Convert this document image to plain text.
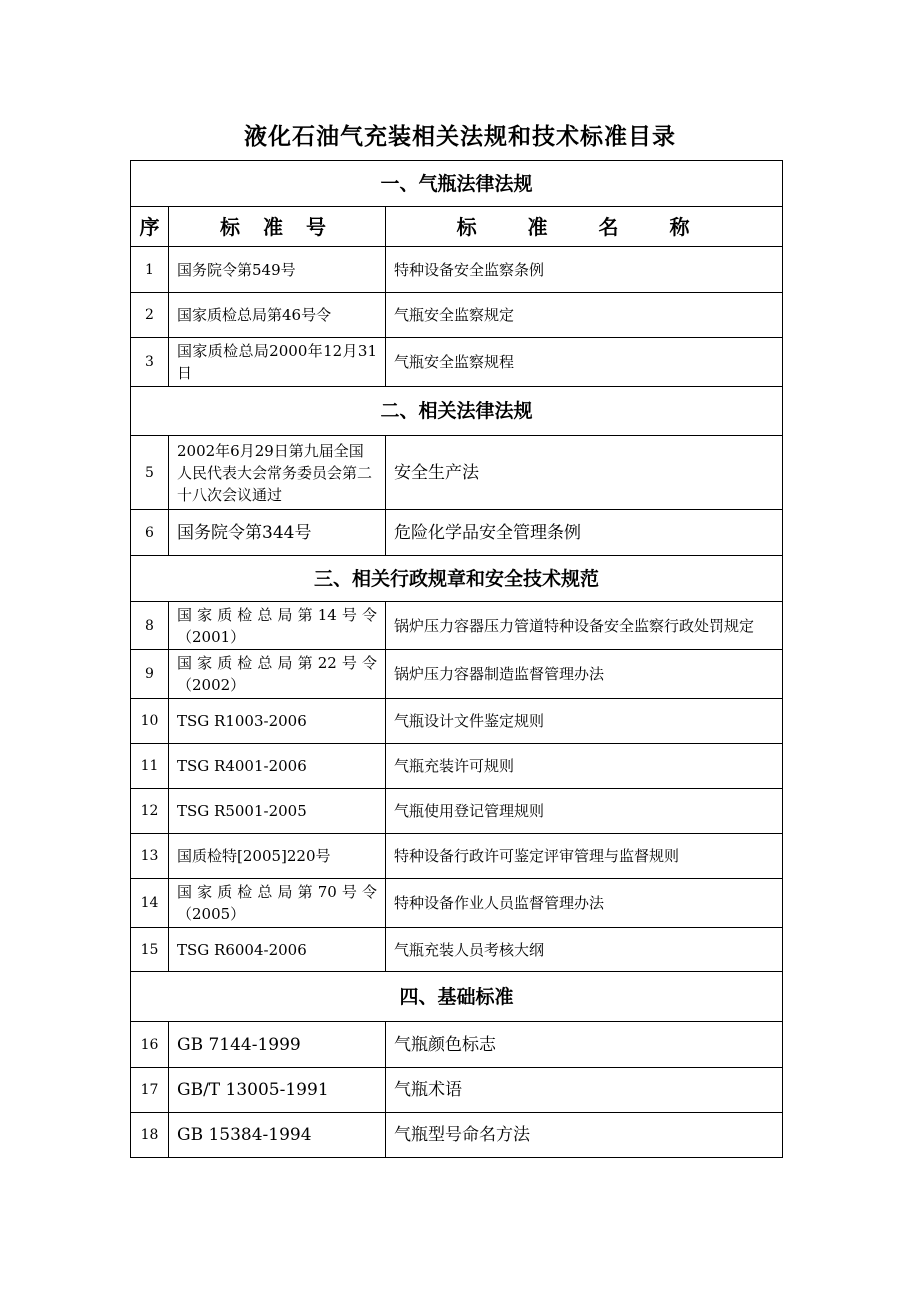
液化石油气充装相关法规和技术标准目录
一、气瓶法律法规		
序	标 准 号	标 准 名 称
1	国务院令第549号	特种设备安全监察条例
2	国家质检总局第46号令	气瓶安全监察规定
3	国家质检总局2000年12月31日	气瓶安全监察规程
二、相关法律法规		
5	2002年6月29日第九届全国人民代表大会常务委员会第二十八次会议通过	安全生产法
6	国务院令第344号	危险化学品安全管理条例
三、相关行政规章和安全技术规范		
8	国家质检总局第14号令（2001）	锅炉压力容器压力管道特种设备安全监察行政处罚规定
9	国家质检总局第22号令（2002）	锅炉压力容器制造监督管理办法
10	TSG R1003-2006	气瓶设计文件鉴定规则
11	TSG R4001-2006	气瓶充装许可规则
12	TSG R5001-2005	气瓶使用登记管理规则
13	国质检特[2005]220号	特种设备行政许可鉴定评审管理与监督规则
14	国家质检总局第70号令（2005）	特种设备作业人员监督管理办法
15	TSG R6004-2006	气瓶充装人员考核大纲
四、基础标准		
16	GB 7144-1999	气瓶颜色标志
17	GB/T 13005-1991	气瓶术语
18	GB 15384-1994	气瓶型号命名方法
